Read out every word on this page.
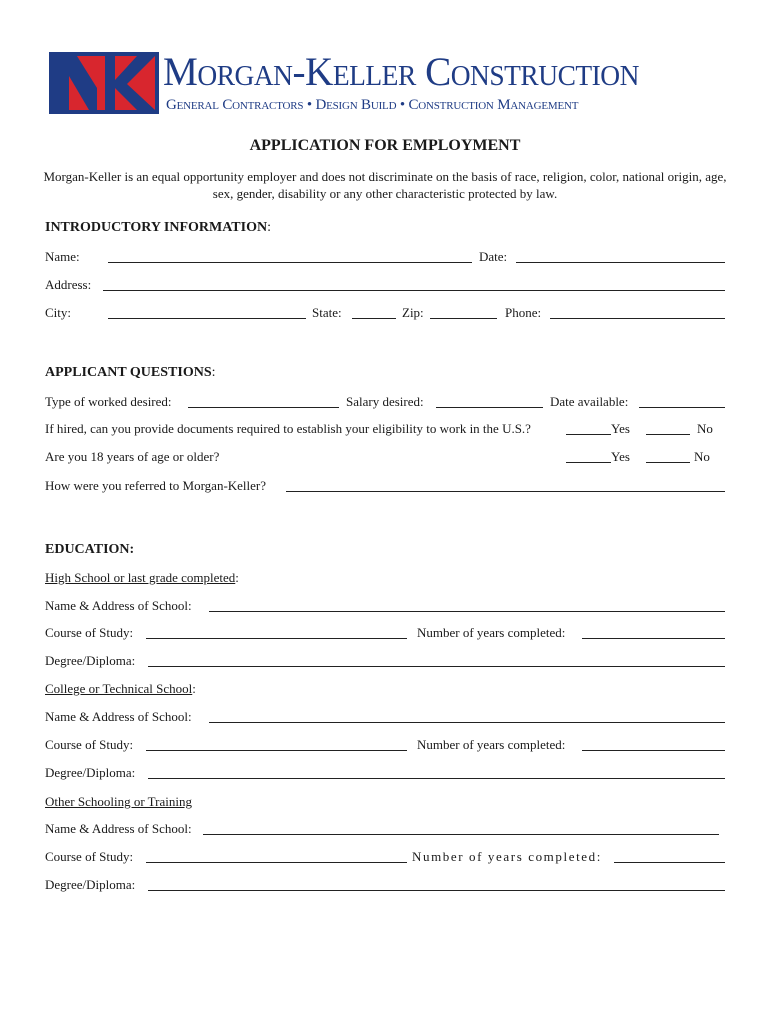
Morgan-Keller Construction
General Contractors • Design Build • Construction Management
APPLICATION FOR EMPLOYMENT
Morgan-Keller is an equal opportunity employer and does not discriminate on the basis of race, religion, color, national origin, age, sex, gender, disability or any other characteristic protected by law.
INTRODUCTORY INFORMATION:
Name:	Date:
Address:
City:	State:	Zip:	Phone:
APPLICANT QUESTIONS:
Type of worked desired:	Salary desired:	Date available:
If hired, can you provide documents required to establish your eligibility to work in the U.S.?	Yes	No
Are you 18 years of age or older?	Yes	No
How were you referred to Morgan-Keller?
EDUCATION:
High School or last grade completed:
Name & Address of School:
Course of Study:	Number of years completed:
Degree/Diploma:
College or Technical School:
Name & Address of School:
Course of Study:	Number of years completed:
Degree/Diploma:
Other Schooling or Training
Name & Address of School:
Course of Study:	Number of years completed:
Degree/Diploma:
